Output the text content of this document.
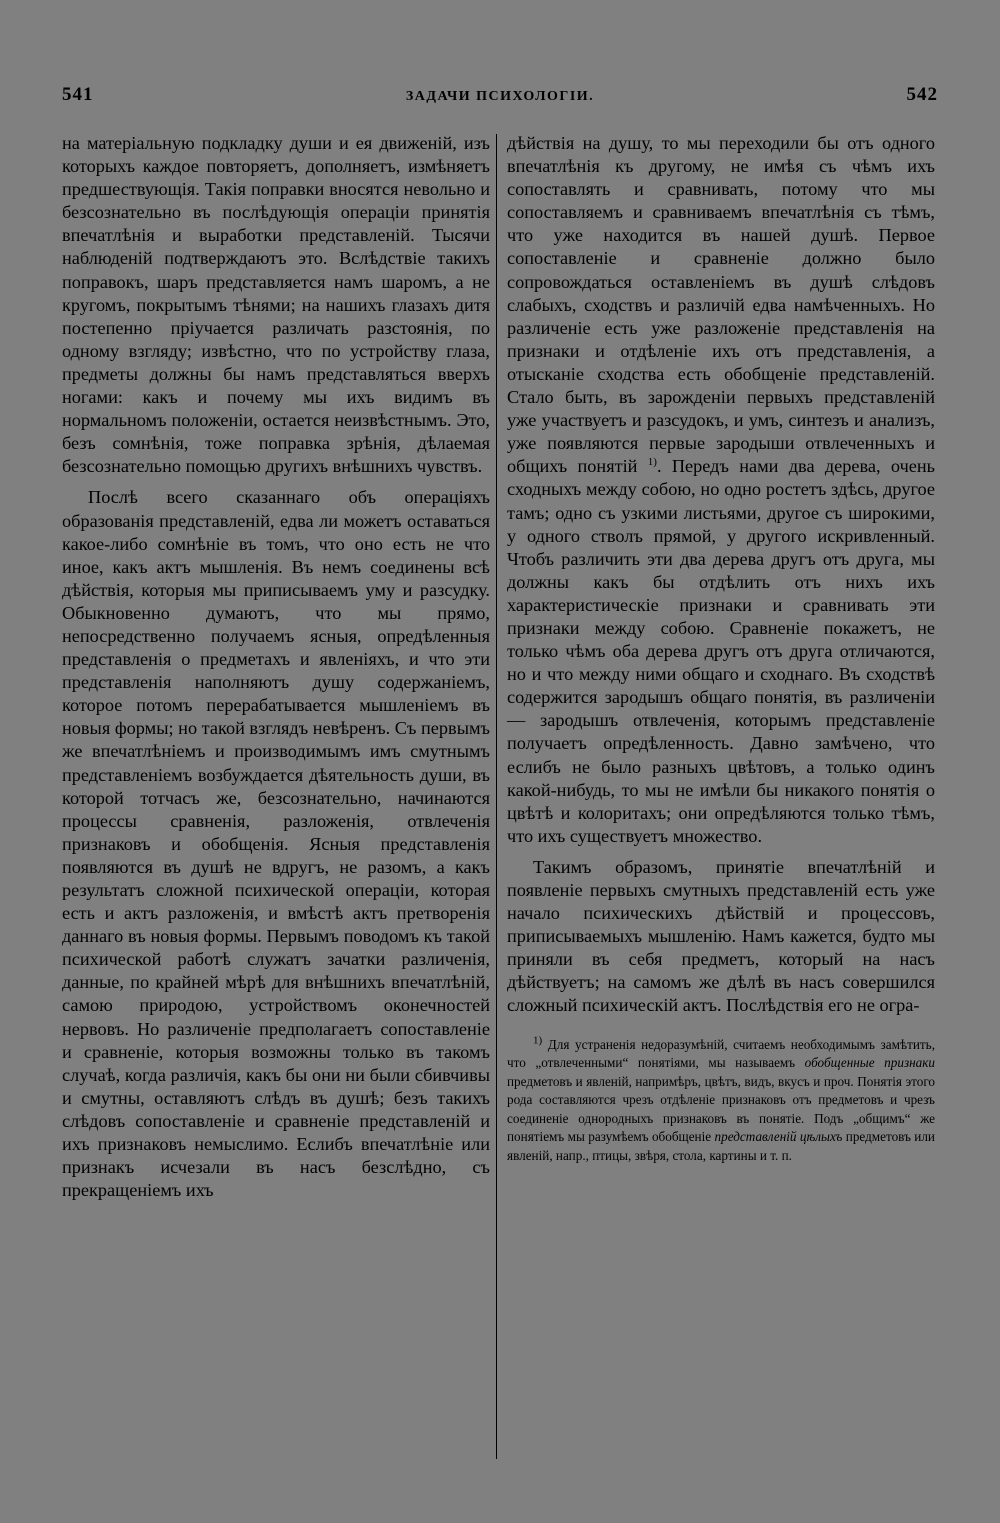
541	ЗАДАЧИ ПСИХОЛОГІИ.	542

на матеріальную подкладку души и ея движеній, изъ которыхъ каждое повторяетъ, дополняетъ, измѣняетъ предшествующія. Такія поправки вносятся невольно и безсознательно въ послѣдующія операціи принятія впечатлѣнія и выработки представленій. Тысячи наблюденій подтверждаютъ это. Вслѣдствіе такихъ поправокъ, шаръ представляется намъ шаромъ, а не кругомъ, покрытымъ тѣнями; на нашихъ глазахъ дитя постепенно пріучается различать разстоянія, по одному взгляду; извѣстно, что по устройству глаза, предметы должны бы намъ представляться вверхъ ногами: какъ и почему мы ихъ видимъ въ нормальномъ положеніи, остается неизвѣстнымъ. Это, безъ сомнѣнія, тоже поправка зрѣнія, дѣлаемая безсознательно помощью другихъ внѣшнихъ чувствъ.

Послѣ всего сказаннаго объ операціяхъ образованія представленій, едва ли можетъ оставаться какое-либо сомнѣніе въ томъ, что оно есть не что иное, какъ актъ мышленія. Въ немъ соединены всѣ дѣйствія, которыя мы приписываемъ уму и разсудку. Обыкновенно думаютъ, что мы прямо, непосредственно получаемъ ясныя, опредѣленныя представленія о предметахъ и явленіяхъ, и что эти представленія наполняютъ душу содержаніемъ, которое потомъ перерабатывается мышленіемъ въ новыя формы; но такой взглядъ невѣренъ. Съ первымъ же впечатлѣніемъ и производимымъ имъ смутнымъ представленіемъ возбуждается дѣятельность души, въ которой тотчасъ же, безсознательно, начинаются процессы сравненія, разложенія, отвлеченія признаковъ и обобщенія. Ясныя представленія появляются въ душѣ не вдругъ, не разомъ, а какъ результатъ сложной психической операціи, которая есть и актъ разложенія, и вмѣстѣ актъ претворенія даннаго въ новыя формы. Первымъ поводомъ къ такой психической работѣ служатъ зачатки различенія, данные, по крайней мѣрѣ для внѣшнихъ впечатлѣній, самою природою, устройствомъ оконечностей нервовъ. Но различеніе предполагаетъ сопоставленіе и сравненіе, которыя возможны только въ такомъ случаѣ, когда различія, какъ бы они ни были сбивчивы и смутны, оставляютъ слѣдъ въ душѣ; безъ такихъ слѣдовъ сопоставленіе и сравненіе представленій и ихъ признаковъ немыслимо. Еслибъ впечатлѣніе или признакъ исчезали въ насъ безслѣдно, съ прекращеніемъ ихъ

дѣйствія на душу, то мы переходили бы отъ одного впечатлѣнія къ другому, не имѣя съ чѣмъ ихъ сопоставлять и сравнивать, потому что мы сопоставляемъ и сравниваемъ впечатлѣнія съ тѣмъ, что уже находится въ нашей душѣ. Первое сопоставленіе и сравненіе должно было сопровождаться оставленіемъ въ душѣ слѣдовъ слабыхъ, сходствъ и различій едва намѣченныхъ. Но различеніе есть уже разложеніе представленія на признаки и отдѣленіе ихъ отъ представленія, а отысканіе сходства есть обобщеніе представленій. Стало быть, въ зарожденіи первыхъ представленій уже участвуетъ и разсудокъ, и умъ, синтезъ и анализъ, уже появляются первые зародыши отвлеченныхъ и общихъ понятій $^{1)}$. Передъ нами два дерева, очень сходныхъ между собою, но одно ростетъ здѣсь, другое тамъ; одно съ узкими листьями, другое съ широкими, у одного стволъ прямой, у другого искривленный. Чтобъ различить эти два дерева другъ отъ друга, мы должны какъ бы отдѣлить отъ нихъ ихъ характеристическіе признаки и сравнивать эти признаки между собою. Сравненіе покажетъ, не только чѣмъ оба дерева другъ отъ друга отличаются, но и что между ними общаго и сходнаго. Въ сходствѣ содержится зародышъ общаго понятія, въ различеніи — зародышъ отвлеченія, которымъ представленіе получаетъ опредѣленность. Давно замѣчено, что еслибъ не было разныхъ цвѣтовъ, а только одинъ какой-нибудь, то мы не имѣли бы никакого понятія о цвѣтѣ и колоритахъ; они опредѣляются только тѣмъ, что ихъ существуетъ множество.

Такимъ образомъ, принятіе впечатлѣній и появленіе первыхъ смутныхъ представленій есть уже начало психическихъ дѣйствій и процессовъ, приписываемыхъ мышленію. Намъ кажется, будто мы приняли въ себя предметъ, который на насъ дѣйствуетъ; на самомъ же дѣлѣ въ насъ совершился сложный психическій актъ. Послѣдствія его не огра-

$^{1)}$ Для устраненія недоразумѣній, считаемъ необходимымъ замѣтить, что „отвлеченными“ понятіями, мы называемъ обобщенные признаки предметовъ и явленій, напримѣръ, цвѣтъ, видъ, вкусъ и проч. Понятія этого рода составляются чрезъ отдѣленіе признаковъ отъ предметовъ и чрезъ соединеніе однородныхъ признаковъ въ понятіе. Подъ „общимъ“ же понятіемъ мы разумѣемъ обобщеніе представленій цѣлыхъ предметовъ или явленій, напр., птицы, звѣря, стола, картины и т. п.
